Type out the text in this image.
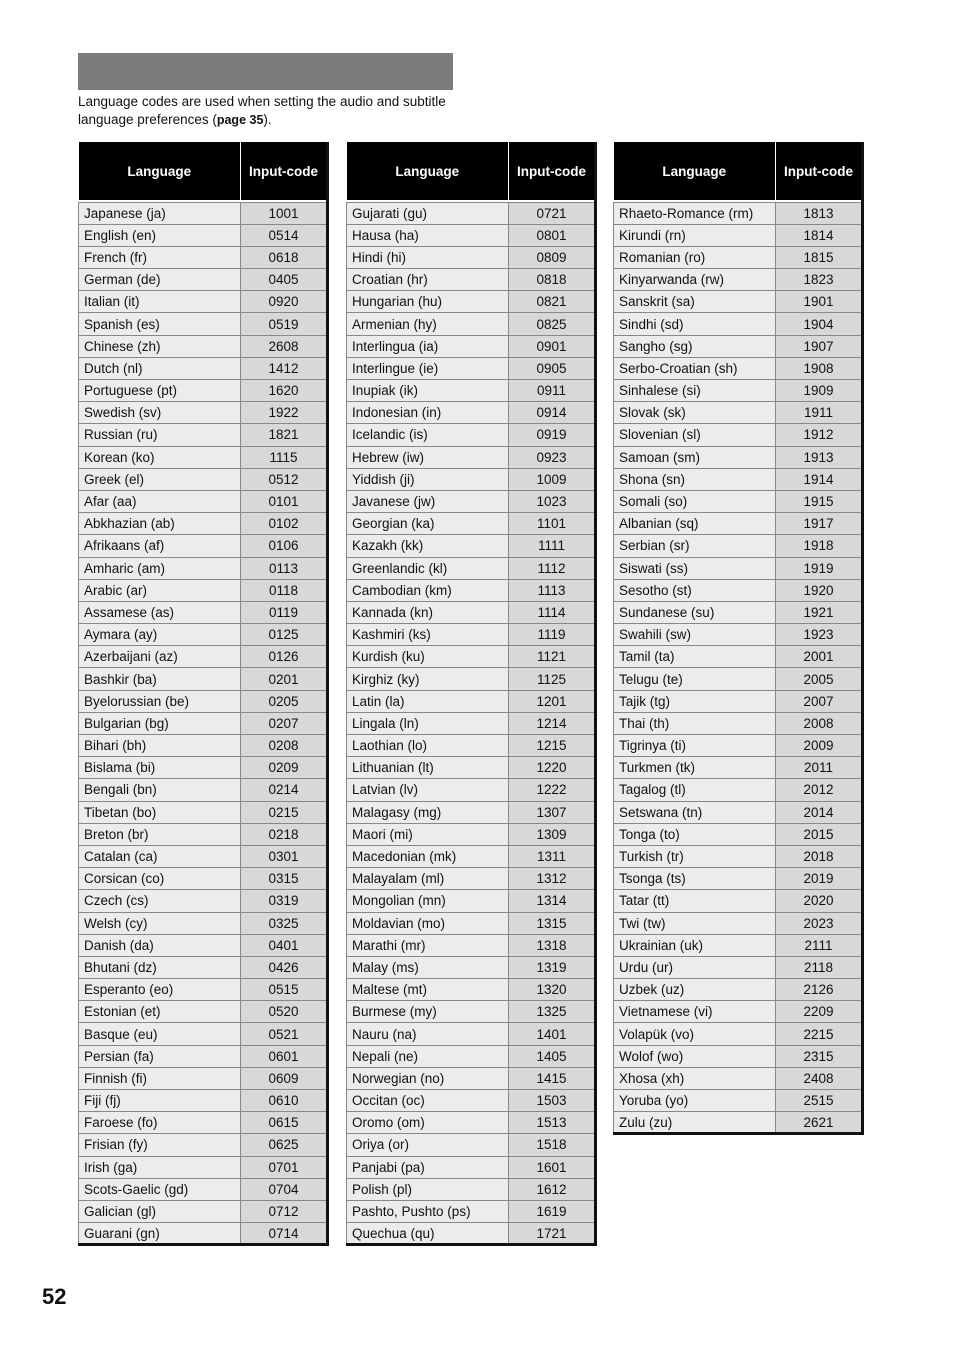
Language codes are used when setting the audio and subtitle language preferences (page 35).

Language	Input-code

Japanese (ja)	1001
English (en)	0514
French (fr)	0618
German (de)	0405
Italian (it)	0920
Spanish (es)	0519
Chinese (zh)	2608
Dutch (nl)	1412
Portuguese (pt)	1620
Swedish (sv)	1922
Russian (ru)	1821
Korean (ko)	1115
Greek (el)	0512
Afar (aa)	0101
Abkhazian (ab)	0102
Afrikaans (af)	0106
Amharic (am)	0113
Arabic (ar)	0118
Assamese (as)	0119
Aymara (ay)	0125
Azerbaijani (az)	0126
Bashkir (ba)	0201
Byelorussian (be)	0205
Bulgarian (bg)	0207
Bihari (bh)	0208
Bislama (bi)	0209
Bengali (bn)	0214
Tibetan (bo)	0215
Breton (br)	0218
Catalan (ca)	0301
Corsican (co)	0315
Czech (cs)	0319
Welsh (cy)	0325
Danish (da)	0401
Bhutani (dz)	0426
Esperanto (eo)	0515
Estonian (et)	0520
Basque (eu)	0521
Persian (fa)	0601
Finnish (fi)	0609
Fiji (fj)	0610
Faroese (fo)	0615
Frisian (fy)	0625
Irish (ga)	0701
Scots-Gaelic (gd)	0704
Galician (gl)	0712
Guarani (gn)	0714
Language	Input-code

Gujarati (gu)	0721
Hausa (ha)	0801
Hindi (hi)	0809
Croatian (hr)	0818
Hungarian (hu)	0821
Armenian (hy)	0825
Interlingua (ia)	0901
Interlingue (ie)	0905
Inupiak (ik)	0911
Indonesian (in)	0914
Icelandic (is)	0919
Hebrew (iw)	0923
Yiddish (ji)	1009
Javanese (jw)	1023
Georgian (ka)	1101
Kazakh (kk)	1111
Greenlandic (kl)	1112
Cambodian (km)	1113
Kannada (kn)	1114
Kashmiri (ks)	1119
Kurdish (ku)	1121
Kirghiz (ky)	1125
Latin (la)	1201
Lingala (ln)	1214
Laothian (lo)	1215
Lithuanian (lt)	1220
Latvian (lv)	1222
Malagasy (mg)	1307
Maori (mi)	1309
Macedonian (mk)	1311
Malayalam (ml)	1312
Mongolian (mn)	1314
Moldavian (mo)	1315
Marathi (mr)	1318
Malay (ms)	1319
Maltese (mt)	1320
Burmese (my)	1325
Nauru (na)	1401
Nepali (ne)	1405
Norwegian (no)	1415
Occitan (oc)	1503
Oromo (om)	1513
Oriya (or)	1518
Panjabi (pa)	1601
Polish (pl)	1612
Pashto, Pushto (ps)	1619
Quechua (qu)	1721
Language	Input-code

Rhaeto-Romance (rm)	1813
Kirundi (rn)	1814
Romanian (ro)	1815
Kinyarwanda (rw)	1823
Sanskrit (sa)	1901
Sindhi (sd)	1904
Sangho (sg)	1907
Serbo-Croatian (sh)	1908
Sinhalese (si)	1909
Slovak (sk)	1911
Slovenian (sl)	1912
Samoan (sm)	1913
Shona (sn)	1914
Somali (so)	1915
Albanian (sq)	1917
Serbian (sr)	1918
Siswati (ss)	1919
Sesotho (st)	1920
Sundanese (su)	1921
Swahili (sw)	1923
Tamil (ta)	2001
Telugu (te)	2005
Tajik (tg)	2007
Thai (th)	2008
Tigrinya (ti)	2009
Turkmen (tk)	2011
Tagalog (tl)	2012
Setswana (tn)	2014
Tonga (to)	2015
Turkish (tr)	2018
Tsonga (ts)	2019
Tatar (tt)	2020
Twi (tw)	2023
Ukrainian (uk)	2111
Urdu (ur)	2118
Uzbek (uz)	2126
Vietnamese (vi)	2209
Volapük (vo)	2215
Wolof (wo)	2315
Xhosa (xh)	2408
Yoruba (yo)	2515
Zulu (zu)	2621
52
